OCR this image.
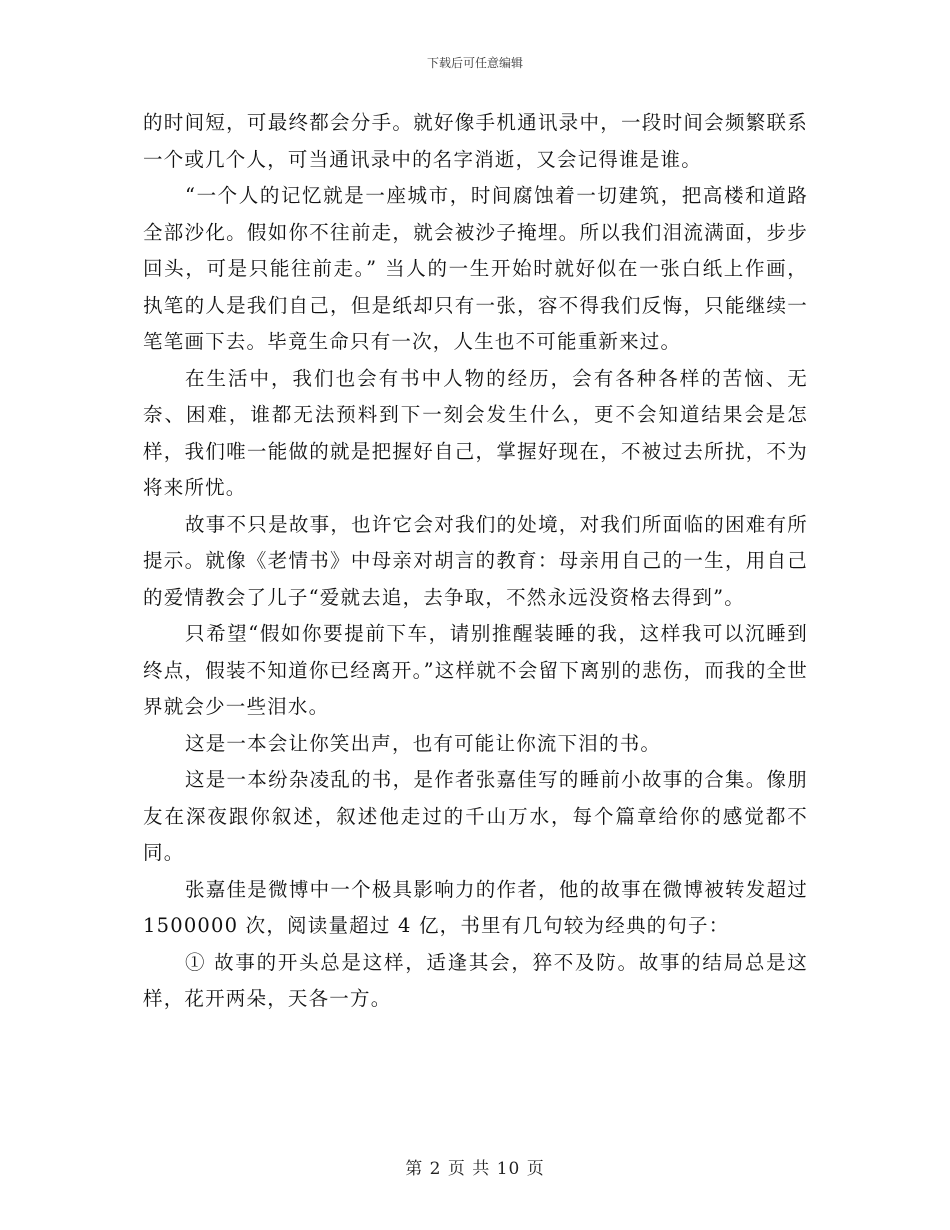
下载后可任意编辑

的时间短，可最终都会分手。就好像手机通讯录中，一段时间会频繁联系一个或几个人，可当通讯录中的名字消逝，又会记得谁是谁。

“一个人的记忆就是一座城市，时间腐蚀着一切建筑，把高楼和道路全部沙化。假如你不往前走，就会被沙子掩埋。所以我们泪流满面，步步回头，可是只能往前走。” 当人的一生开始时就好似在一张白纸上作画，执笔的人是我们自己，但是纸却只有一张，容不得我们反悔，只能继续一笔笔画下去。毕竟生命只有一次，人生也不可能重新来过。

在生活中，我们也会有书中人物的经历，会有各种各样的苦恼、无奈、困难，谁都无法预料到下一刻会发生什么，更不会知道结果会是怎样，我们唯一能做的就是把握好自己，掌握好现在，不被过去所扰，不为将来所忧。

故事不只是故事，也许它会对我们的处境，对我们所面临的困难有所提示。就像《老情书》中母亲对胡言的教育：母亲用自己的一生，用自己的爱情教会了儿子“爱就去追，去争取，不然永远没资格去得到”。

只希望“假如你要提前下车，请别推醒装睡的我，这样我可以沉睡到终点，假装不知道你已经离开。”这样就不会留下离别的悲伤，而我的全世界就会少一些泪水。

这是一本会让你笑出声，也有可能让你流下泪的书。

这是一本纷杂凌乱的书，是作者张嘉佳写的睡前小故事的合集。像朋友在深夜跟你叙述，叙述他走过的千山万水，每个篇章给你的感觉都不同。

张嘉佳是微博中一个极具影响力的作者，他的故事在微博被转发超过 1500000 次，阅读量超过 4 亿，书里有几句较为经典的句子：

① 故事的开头总是这样，适逢其会，猝不及防。故事的结局总是这样，花开两朵，天各一方。

第 2 页 共 10 页
